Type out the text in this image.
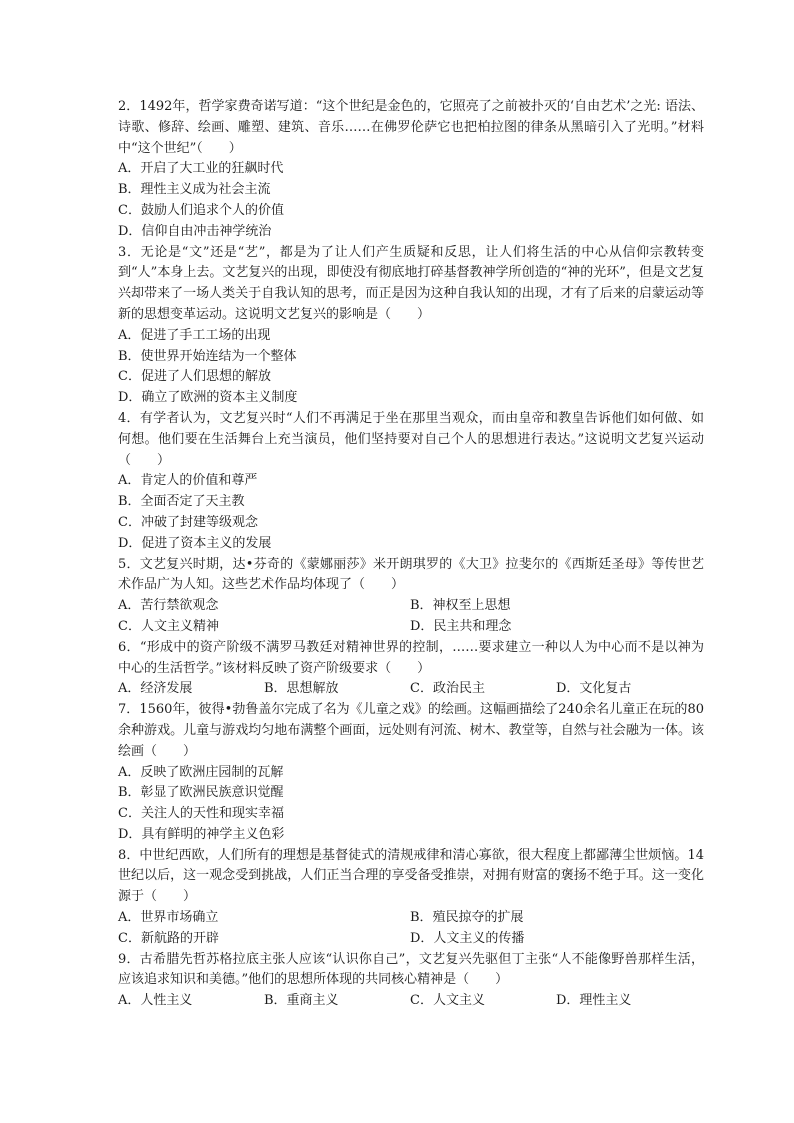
2．1492年，哲学家费奇诺写道：“这个世纪是金色的，它照亮了之前被扑灭的‘自由艺术’之光: 语法、诗歌、修辞、绘画、雕塑、建筑、音乐……在佛罗伦萨它也把柏拉图的律条从黑暗引入了光明。”材料中“这个世纪”（　　）
A．开启了大工业的狂飙时代
B．理性主义成为社会主流
C．鼓励人们追求个人的价值
D．信仰自由冲击神学统治
3．无论是“文”还是“艺”，都是为了让人们产生质疑和反思，让人们将生活的中心从信仰宗教转变到“人”本身上去。文艺复兴的出现，即使没有彻底地打碎基督教神学所创造的“神的光环”，但是文艺复兴却带来了一场人类关于自我认知的思考，而正是因为这种自我认知的出现，才有了后来的启蒙运动等新的思想变革运动。这说明文艺复兴的影响是（　　）
A．促进了手工工场的出现
B．使世界开始连结为一个整体
C．促进了人们思想的解放
D．确立了欧洲的资本主义制度
4．有学者认为，文艺复兴时“人们不再满足于坐在那里当观众，而由皇帝和教皇告诉他们如何做、如何想。他们要在生活舞台上充当演员，他们坚持要对自己个人的思想进行表达。”这说明文艺复兴运动（　　）
A．肯定人的价值和尊严
B．全面否定了天主教
C．冲破了封建等级观念
D．促进了资本主义的发展
5．文艺复兴时期，达•芬奇的《蒙娜丽莎》米开朗琪罗的《大卫》拉斐尔的《西斯廷圣母》等传世艺术作品广为人知。这些艺术作品均体现了（　　）
A．苦行禁欲观念	B．神权至上思想
C．人文主义精神	D．民主共和理念
6．“形成中的资产阶级不满罗马教廷对精神世界的控制，……要求建立一种以人为中心而不是以神为中心的生活哲学。”该材料反映了资产阶级要求（　　）
A．经济发展	B．思想解放	C．政治民主	D．文化复古
7．1560年，彼得•勃鲁盖尔完成了名为《儿童之戏》的绘画。这幅画描绘了240余名儿童正在玩的80余种游戏。儿童与游戏均匀地布满整个画面，远处则有河流、树木、教堂等，自然与社会融为一体。该绘画（　　）
A．反映了欧洲庄园制的瓦解
B．彰显了欧洲民族意识觉醒
C．关注人的天性和现实幸福
D．具有鲜明的神学主义色彩
8．中世纪西欧，人们所有的理想是基督徒式的清规戒律和清心寡欲，很大程度上都鄙薄尘世烦恼。14世纪以后，这一观念受到挑战，人们正当合理的享受备受推崇，对拥有财富的褒扬不绝于耳。这一变化源于（　　）
A．世界市场确立	B．殖民掠夺的扩展
C．新航路的开辟	D．人文主义的传播
9．古希腊先哲苏格拉底主张人应该“认识你自己”，文艺复兴先驱但丁主张“人不能像野兽那样生活，应该追求知识和美德。”他们的思想所体现的共同核心精神是（　　）
A．人性主义	B．重商主义	C．人文主义	D．理性主义
